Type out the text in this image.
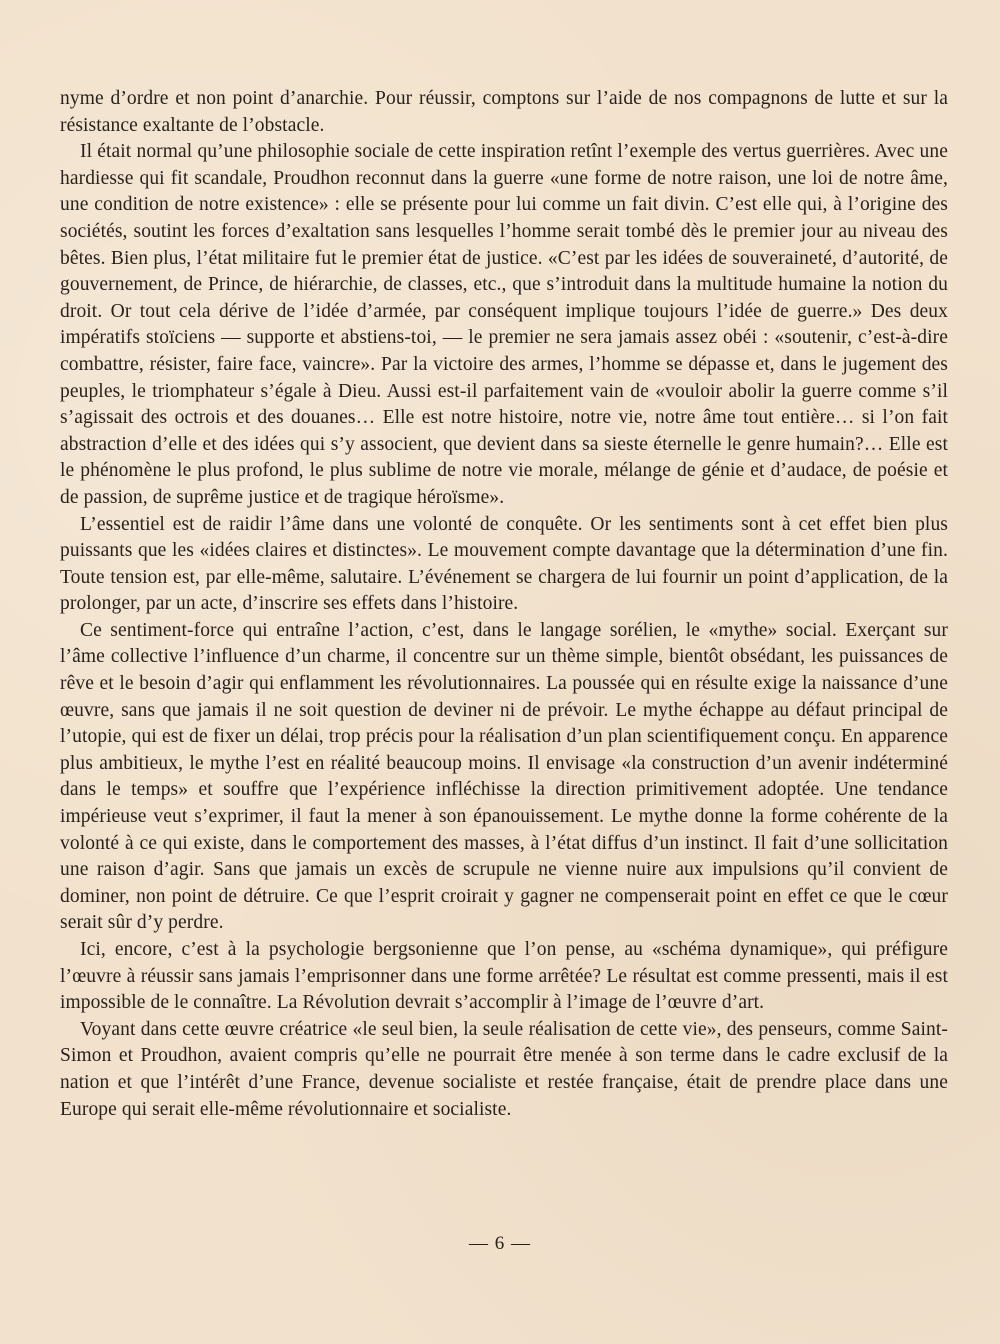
nyme d’ordre et non point d’anarchie. Pour réussir, comptons sur l’aide de nos compagnons de lutte et sur la résistance exaltante de l’obstacle.

Il était normal qu’une philosophie sociale de cette inspiration retînt l’exemple des vertus guerrières. Avec une hardiesse qui fit scandale, Proudhon reconnut dans la guerre «une forme de notre raison, une loi de notre âme, une condition de notre existence» : elle se présente pour lui comme un fait divin. C’est elle qui, à l’origine des sociétés, soutint les forces d’exaltation sans lesquelles l’homme serait tombé dès le premier jour au niveau des bêtes. Bien plus, l’état militaire fut le premier état de justice. «C’est par les idées de souveraineté, d’autorité, de gouvernement, de Prince, de hiérarchie, de classes, etc., que s’introduit dans la multitude humaine la notion du droit. Or tout cela dérive de l’idée d’armée, par conséquent implique toujours l’idée de guerre.» Des deux impératifs stoïciens — supporte et abstiens-toi, — le premier ne sera jamais assez obéi : «soutenir, c’est-à-dire combattre, résister, faire face, vaincre». Par la victoire des armes, l’homme se dépasse et, dans le jugement des peuples, le triomphateur s’égale à Dieu. Aussi est-il parfaitement vain de «vouloir abolir la guerre comme s’il s’agissait des octrois et des douanes… Elle est notre histoire, notre vie, notre âme tout entière… si l’on fait abstraction d’elle et des idées qui s’y associent, que devient dans sa sieste éternelle le genre humain?… Elle est le phénomène le plus profond, le plus sublime de notre vie morale, mélange de génie et d’audace, de poésie et de passion, de suprême justice et de tragique héroïsme».

L’essentiel est de raidir l’âme dans une volonté de conquête. Or les sentiments sont à cet effet bien plus puissants que les «idées claires et distinctes». Le mouvement compte davantage que la détermination d’une fin. Toute tension est, par elle-même, salutaire. L’événement se chargera de lui fournir un point d’application, de la prolonger, par un acte, d’inscrire ses effets dans l’histoire.

Ce sentiment-force qui entraîne l’action, c’est, dans le langage sorélien, le «mythe» social. Exerçant sur l’âme collective l’influence d’un charme, il concentre sur un thème simple, bientôt obsédant, les puissances de rêve et le besoin d’agir qui enflamment les révolutionnaires. La poussée qui en résulte exige la naissance d’une œuvre, sans que jamais il ne soit question de deviner ni de prévoir. Le mythe échappe au défaut principal de l’utopie, qui est de fixer un délai, trop précis pour la réalisation d’un plan scientifiquement conçu. En apparence plus ambitieux, le mythe l’est en réalité beaucoup moins. Il envisage «la construction d’un avenir indéterminé dans le temps» et souffre que l’expérience infléchisse la direction primitivement adoptée. Une tendance impérieuse veut s’exprimer, il faut la mener à son épanouissement. Le mythe donne la forme cohérente de la volonté à ce qui existe, dans le comportement des masses, à l’état diffus d’un instinct. Il fait d’une sollicitation une raison d’agir. Sans que jamais un excès de scrupule ne vienne nuire aux impulsions qu’il convient de dominer, non point de détruire. Ce que l’esprit croirait y gagner ne compenserait point en effet ce que le cœur serait sûr d’y perdre.

Ici, encore, c’est à la psychologie bergsonienne que l’on pense, au «schéma dynamique», qui préfigure l’œuvre à réussir sans jamais l’emprisonner dans une forme arrêtée? Le résultat est comme pressenti, mais il est impossible de le connaître. La Révolution devrait s’accomplir à l’image de l’œuvre d’art.

Voyant dans cette œuvre créatrice «le seul bien, la seule réalisation de cette vie», des penseurs, comme Saint-Simon et Proudhon, avaient compris qu’elle ne pourrait être menée à son terme dans le cadre exclusif de la nation et que l’intérêt d’une France, devenue socialiste et restée française, était de prendre place dans une Europe qui serait elle-même révolutionnaire et socialiste.

— 6 —
